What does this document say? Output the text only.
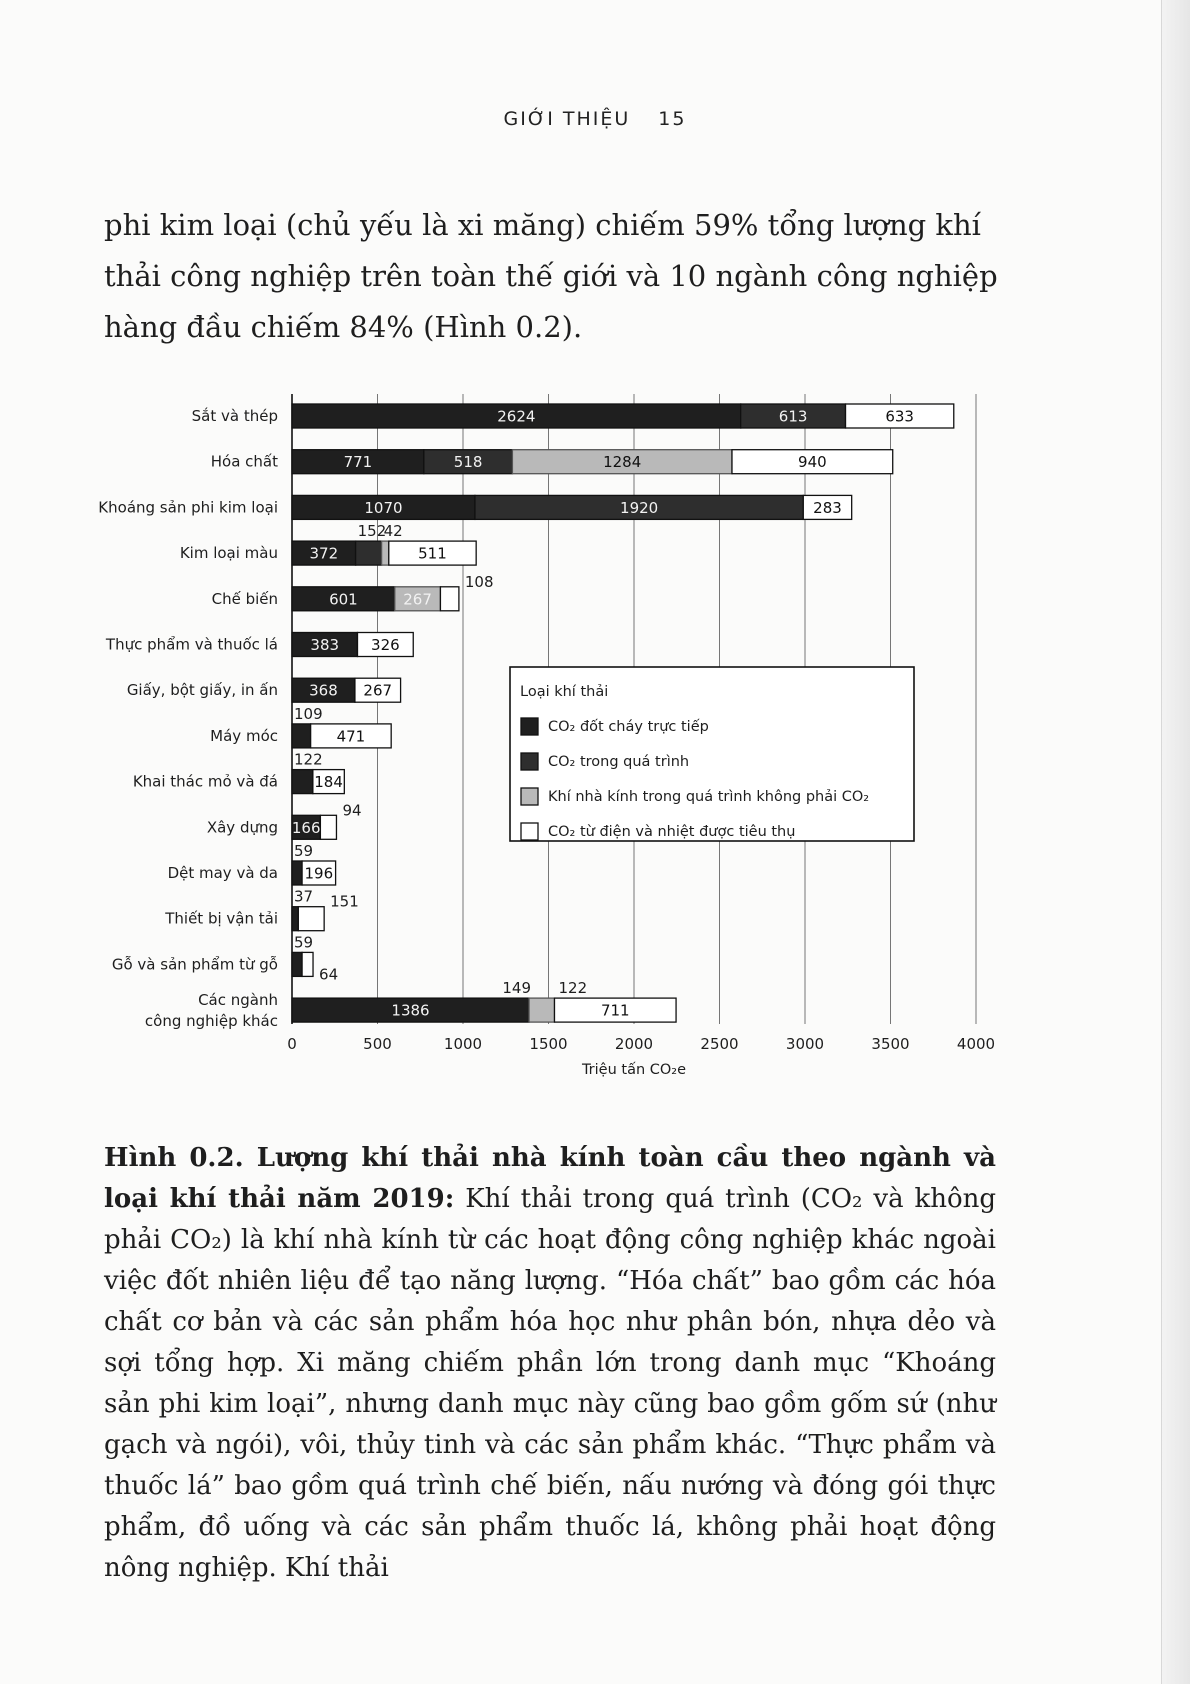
GIỚI THIỆU 15

phi kim loại (chủ yếu là xi măng) chiếm 59% tổng lượng khí thải công nghiệp trên toàn thế giới và 10 ngành công nghiệp hàng đầu chiếm 84% (Hình 0.2).

2624	613	633
771	518	1284	940
1070	1920	283
152
372
42
511
601	267
108
383 326
368 267
109
471
122
184
166
94
59
196
37 151
59
64
1386
149 122
711
Sắt và thép
Hóa chất
Khoáng sản phi kim loại
Kim loại màu
Chế biến
Thực phẩm và thuốc lá
Giấy, bột giấy, in ấn
Máy móc
Khai thác mỏ và đá
Xây dựng
Dệt may và da
Thiết bị vận tải
Gỗ và sản phẩm từ gỗ
Các ngành
công nghiệp khác
0	500	1000	1500	2000	2500	3000	3500	4000
Triệu tấn CO₂e
Loại khí thải
CO₂ đốt cháy trực tiếp
CO₂ trong quá trình
Khí nhà kính trong quá trình không phải CO₂
CO₂ từ điện và nhiệt được tiêu thụ

Hình 0.2. Lượng khí thải nhà kính toàn cầu theo ngành và loại khí thải năm 2019: Khí thải trong quá trình (CO₂ và không phải CO₂) là khí nhà kính từ các hoạt động công nghiệp khác ngoài việc đốt nhiên liệu để tạo năng lượng. “Hóa chất” bao gồm các hóa chất cơ bản và các sản phẩm hóa học như phân bón, nhựa dẻo và sợi tổng hợp. Xi măng chiếm phần lớn trong danh mục “Khoáng sản phi kim loại”, nhưng danh mục này cũng bao gồm gốm sứ (như gạch và ngói), vôi, thủy tinh và các sản phẩm khác. “Thực phẩm và thuốc lá” bao gồm quá trình chế biến, nấu nướng và đóng gói thực phẩm, đồ uống và các sản phẩm thuốc lá, không phải hoạt động nông nghiệp. Khí thải
